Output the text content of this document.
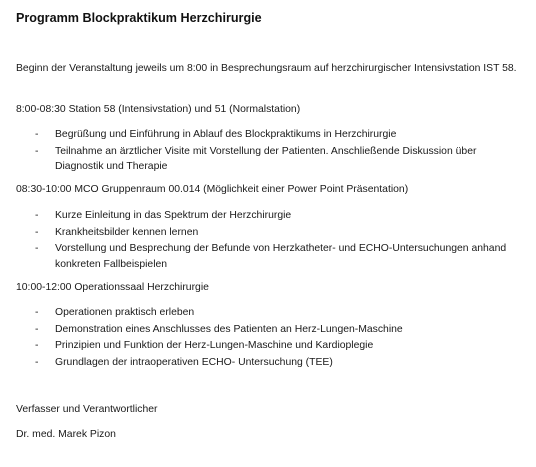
Programm Blockpraktikum Herzchirurgie
Beginn der Veranstaltung jeweils um 8:00 in Besprechungsraum auf herzchirurgischer Intensivstation IST 58.
8:00-08:30 Station 58 (Intensivstation) und 51 (Normalstation)
- Begrüßung und Einführung in Ablauf des Blockpraktikums in Herzchirurgie
- Teilnahme an ärztlicher Visite mit Vorstellung der Patienten. Anschließende Diskussion über Diagnostik und Therapie
08:30-10:00 MCO Gruppenraum 00.014 (Möglichkeit einer Power Point Präsentation)
- Kurze Einleitung in das Spektrum der Herzchirurgie
- Krankheitsbilder kennen lernen
- Vorstellung und Besprechung der Befunde von Herzkatheter- und ECHO-Untersuchungen anhand konkreten Fallbeispielen
10:00-12:00 Operationssaal Herzchirurgie
- Operationen praktisch erleben
- Demonstration eines Anschlusses des Patienten an Herz-Lungen-Maschine
- Prinzipien und Funktion der Herz-Lungen-Maschine und Kardioplegie
- Grundlagen der intraoperativen ECHO- Untersuchung (TEE)
Verfasser und Verantwortlicher
Dr. med. Marek Pizon
